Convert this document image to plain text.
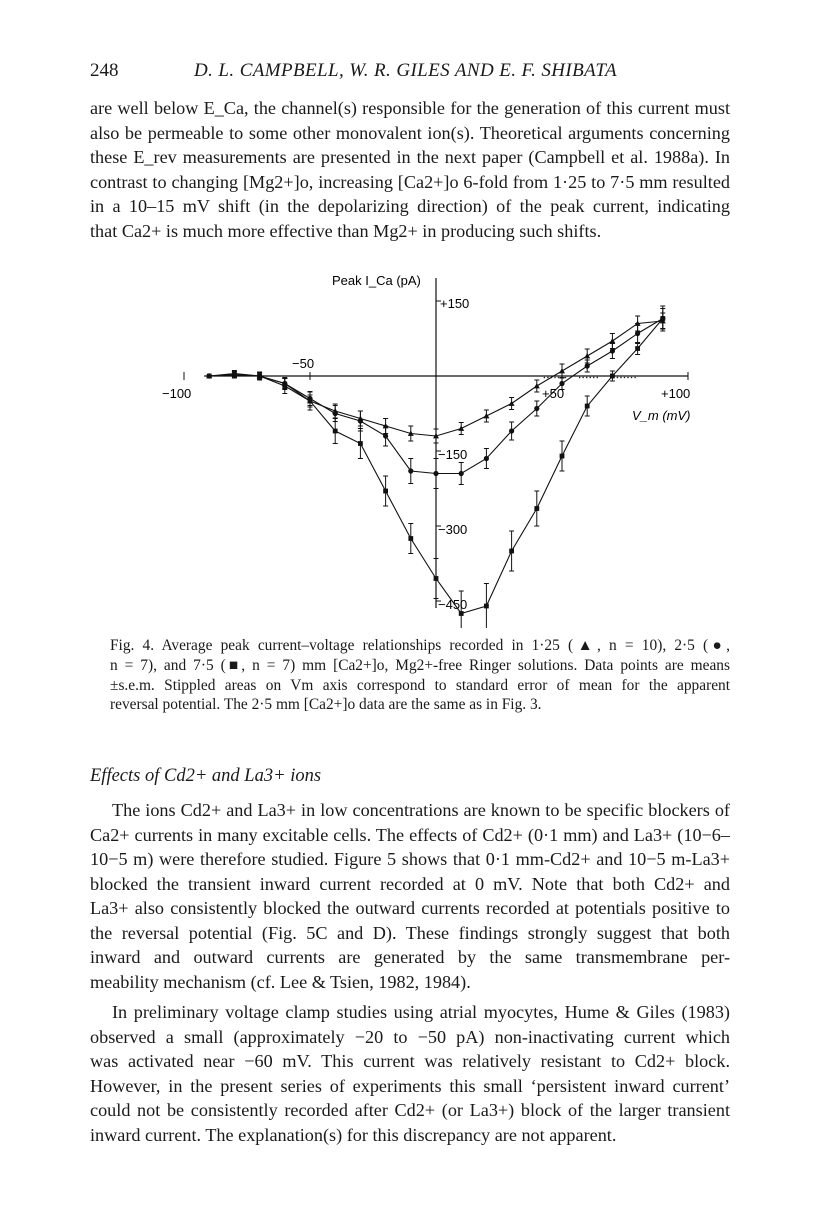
248	D. L. CAMPBELL, W. R. GILES AND E. F. SHIBATA
are well below E_Ca, the channel(s) responsible for the generation of this current must
also be permeable to some other monovalent ion(s). Theoretical arguments concerning
these E_rev measurements are presented in the next paper (Campbell et al. 1988a). In
contrast to changing [Mg2+]o, increasing [Ca2+]o 6-fold from 1·25 to 7·5 mm resulted
in a 10–15 mV shift (in the depolarizing direction) of the peak current, indicating
that Ca2+ is much more effective than Mg2+ in producing such shifts.
Peak I_Ca (pA)
V_m (mV)
+150
−150
−300
−450
−100
−50
+50	+100
Fig. 4. Average peak current–voltage relationships recorded in 1·25 (▲, n = 10), 2·5 (●,
n = 7), and 7·5 (■, n = 7) mm [Ca2+]o, Mg2+-free Ringer solutions. Data points are means
±s.e.m. Stippled areas on Vm axis correspond to standard error of mean for the apparent
reversal potential. The 2·5 mm [Ca2+]o data are the same as in Fig. 3.

Effects of Cd2+ and La3+ ions

The ions Cd2+ and La3+ in low concentrations are known to be specific blockers of
Ca2+ currents in many excitable cells. The effects of Cd2+ (0·1 mm) and La3+ (10−6–
10−5 m) were therefore studied. Figure 5 shows that 0·1 mm-Cd2+ and 10−5 m-La3+
blocked the transient inward current recorded at 0 mV. Note that both Cd2+ and
La3+ also consistently blocked the outward currents recorded at potentials positive to
the reversal potential (Fig. 5C and D). These findings strongly suggest that both
inward and outward currents are generated by the same transmembrane per-
meability mechanism (cf. Lee & Tsien, 1982, 1984).
In preliminary voltage clamp studies using atrial myocytes, Hume & Giles (1983)
observed a small (approximately −20 to −50 pA) non-inactivating current which
was activated near −60 mV. This current was relatively resistant to Cd2+ block.
However, in the present series of experiments this small ‘persistent inward current’
could not be consistently recorded after Cd2+ (or La3+) block of the larger transient
inward current. The explanation(s) for this discrepancy are not apparent.
